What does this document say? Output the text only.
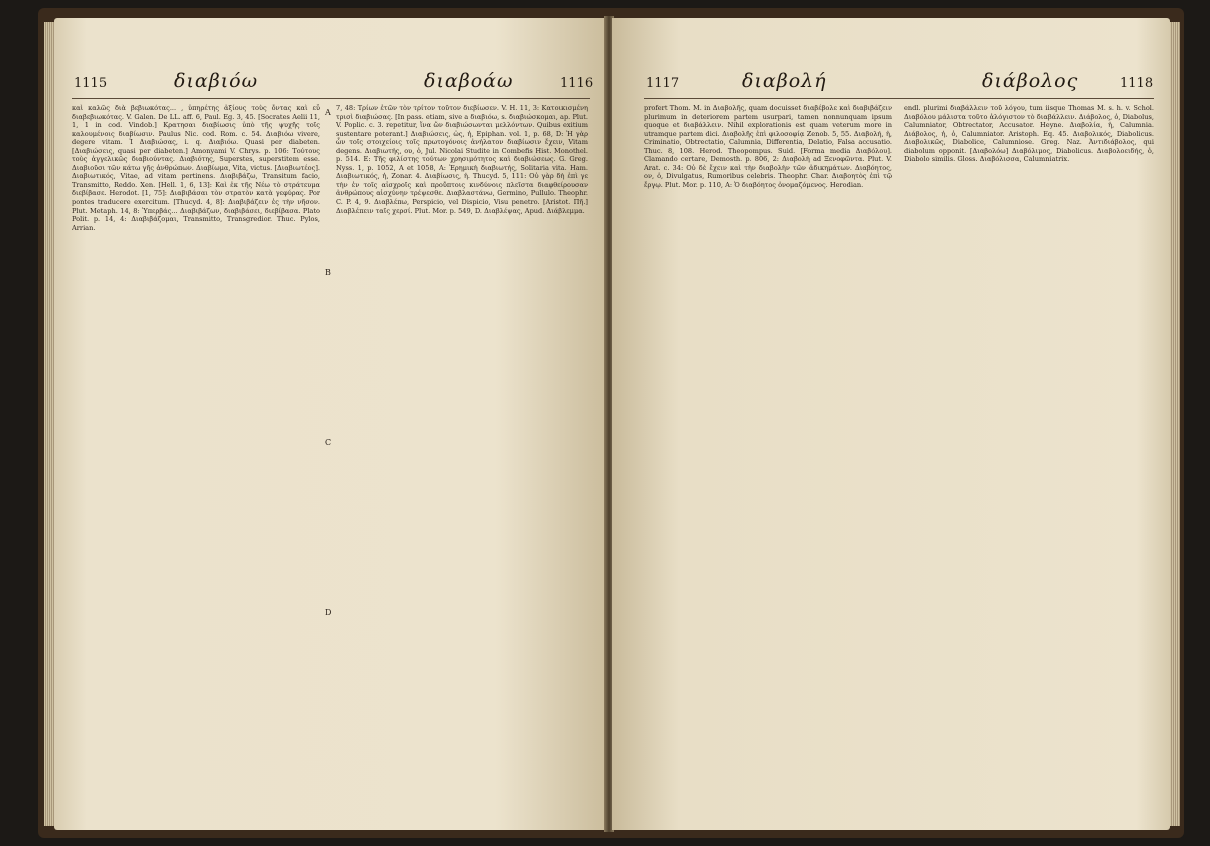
1115	διαβιόω	διαβοάω	1116

καὶ καλῶς διὰ βεβιωκότας... , ὑπηρέτης ἀξίους τοὺς ὄντας καὶ εὖ διαβεβιωκότας. V. Galen. De LL. aff. 6, Paul. Eg. 3, 45. [Socrates Aelii 11, 1, 1 in cod. Vindob.] Κρατησαι διαβίωσις ὑπὸ τῆς ψυχῆς τοῖς καλουμένοις διαβίωσιν. Paulus Nic. cod. Rom. c. 54. Διαβιόω vivere, degere vitam. Ἰ Διαβιώσας, i. q. Διαβιόω. Quasi per diabeten. [Διαβιώσεις, quasi per diabeten.] Amonyami V. Chrys. p. 106: Τούτους τοὺς ἀγγελικῶς διαβιούντας. Διαβιότης, Superstes, superstitem esse. Διαβιοῦσι τῶν κάτω γῆς ἀνθρώπων. Διαβίωμα, Vita, victus. [Διαβιωτέος]. Διαβιωτικός, Vitae, ad vitam pertinens. Διαβιβάζω, Transitum facio, Transmitto, Reddo. Xen. [Hell. 1, 6, 13]: Καὶ ἐκ τῆς Νέω τὸ στράτευμα διεβίβασε. Herodot. [1, 75]: Διαβιβάσαι τὸν στρατὸν κατὰ γεφύρας. Por pontes traducere exercitum. [Thucyd. 4, 8]: Διαβιβάζειν ἐς τὴν νῆσον. Plut. Metaph. 14, 8: Ὑπερβάς... Διαβιβάζων, διαβιβάσει, διεβίβασα. Plato Polit. p. 14, 4: Διαβιβάζομαι, Transmitto, Transgredior. Thuc. Pylos, Arrian.

A
B
C
D

7, 48: Τρίων ἐτῶν τὸν τρίτον τοῦτον διεβίωσεν. V. H. 11, 3: Κατοικισμένη τρισὶ διαβιώσας. [In pass. etiam, sive a διαβιόω, s. διαβιώσκομαι, ap. Plut. V. Poplic. c. 3. repetitur, ἵνα ὤν διαβιώσωνται μελλόντων. Quibus exitium sustentare poterant.] Διαβιώσεις, ὡς, ἡ, Epiphan. vol. 1, p. 68, D: Ἡ γὰρ ὧν τοῖς στοιχείοις τοῖς πρωτογόνοις ἀνήλατον διαβίωσιν ἔχειν, Vitam degens. Διαβιωτής, ου, ὁ, Jul. Nicolai Studite in Combefis Hist. Monothel. p. 514. E: Τῆς φιλίστης τούτων χρησιμότητος καὶ διαβιώσεως. G. Greg. Nyss. 1, p. 1052, A et 1058, A: Ἐρημικὴ διαβιωτής, Solitaria vita. Ham. Διαβιωτικός, ἡ, Zonar. 4. Διαβίωσις, ἡ. Thucyd. 5, 111: Οὐ γὰρ δὴ ἐπὶ γε τὴν ἐν τοῖς αἰσχροῖς καὶ προὔπτοις κινδύνοις πλεῖστα διαφθείρουσαν ἀνθρώπους αἰσχύνην τρέψεσθε. Διαβλαστάνω, Germino, Pullulo. Theophr. C. P. 4, 9. Διαβλέπω, Perspicio, vel Dispicio, Visu penetro. [Aristot. Πῆ.] Διαβλέπειν ταῖς χερσί. Plut. Mor. p. 549, D. Διαβλέψας, Apud. Διάβλεμμα.

1117	διαβολή	διάβολος	1118

profert Thom. M. in Διαβολῆς, quam docuisset διαβέβολε καὶ διαβιβάζειν plurimum in deteriorem partem usurpari, tamen nonnunquam ipsum quoque et διαβάλλειν. Nihil explorationis est quam veterum more in utramque partem dici. Διαβολῆς ἐπὶ φιλοσοφίᾳ Zenob. 5, 55. Διαβολή, ἡ, Criminatio, Obtrectatio, Calumnia, Differentia, Delatio, Falsa accusatio. Thuc. 8, 108. Herod. Theopompus. Suid. [Forma media Διαβόλου]. Clamando certare, Demosth. p. 806, 2: Διαβολὴ ad Ξενοφῶντα. Plut. V. Arat. c. 34: Οὐ δὲ ἔχειν καὶ τὴν διαβολὴν τῶν ἀδικημάτων. Διαβόητος, ον, ὁ, Divulgatus, Rumoribus celebris. Theophr. Char. Διαβοητὸς ἐπὶ τῷ ἔργῳ. Plut. Mor. p. 110, A: Ὁ διαβόητος ὀνομαζόμενος. Herodian.

endl. plurimi διαβάλλειν τοῦ λόγου, tum iisque Thomas M. s. h. v. Schol. Διαβόλου μάλιστα τοῦτο ἀλόγιστον τὸ διαβάλλειν. Διάβολος, ὁ, Diabolus, Calumniator, Obtrectator, Accusator. Heyne. Διαβολία, ἡ, Calumnia. Διάβολος, ἡ, ὁ, Calumniator. Aristoph. Eq. 45. Διαβολικός, Diabolicus. Διαβολικῶς, Diabolice, Calumniose. Greg. Naz. Ἀντιδιάβολος, qui diabolum opponit. [Διαβολόω] Διαβόλιμος, Diabolicus. Διαβολοειδής, ὁ, Diabolo similis. Gloss. Διαβόλισσα, Calumniatrix.
